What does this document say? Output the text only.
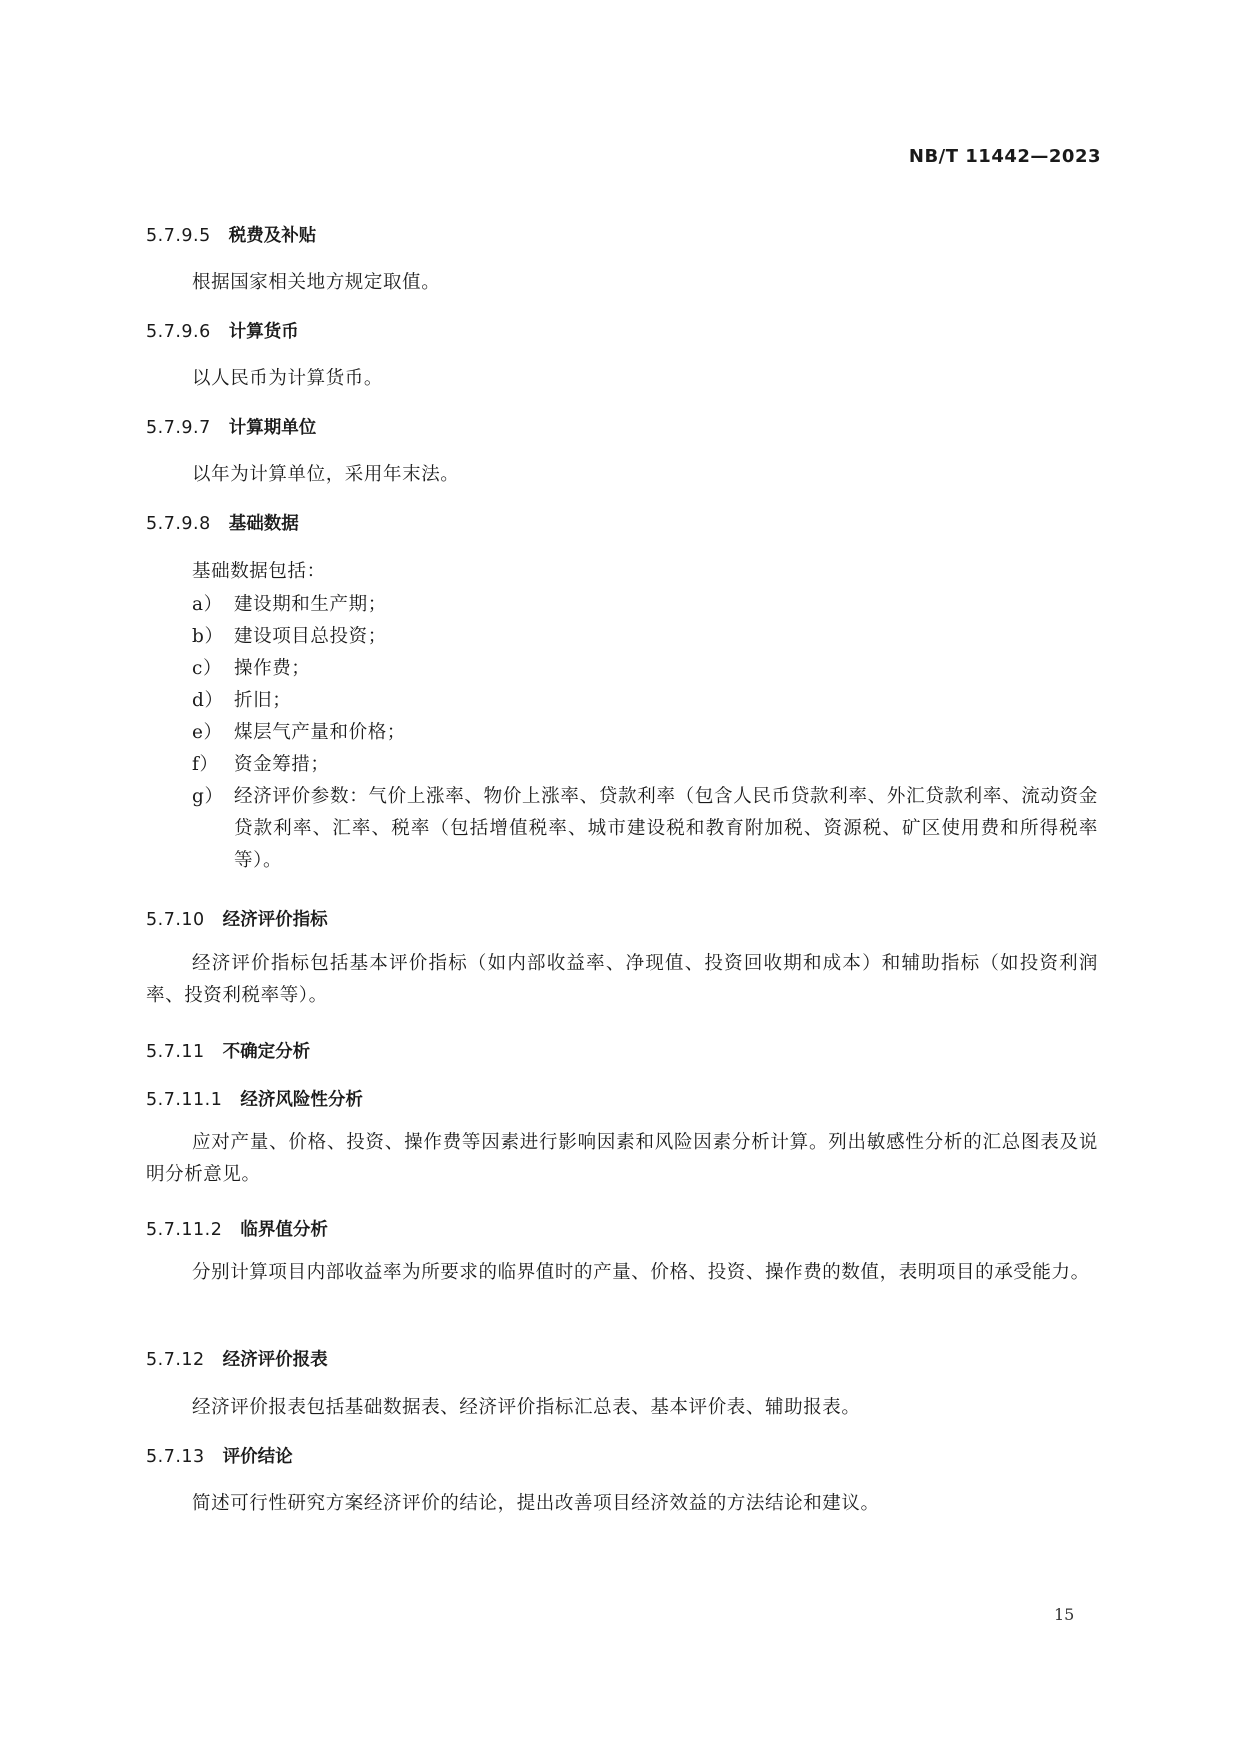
NB/T 11442—2023
5.7.9.5 税费及补贴
根据国家相关地方规定取值。
5.7.9.6 计算货币
以人民币为计算货币。
5.7.9.7 计算期单位
以年为计算单位，采用年末法。
5.7.9.8 基础数据
基础数据包括：
a） 建设期和生产期；
b） 建设项目总投资；
c） 操作费；
d） 折旧；
e） 煤层气产量和价格；
f） 资金筹措；
g） 经济评价参数：气价上涨率、物价上涨率、贷款利率（包含人民币贷款利率、外汇贷款利率、流动资金贷款利率、汇率、税率（包括增值税率、城市建设税和教育附加税、资源税、矿区使用费和所得税率等）。
5.7.10 经济评价指标

经济评价指标包括基本评价指标（如内部收益率、净现值、投资回收期和成本）和辅助指标（如投资利润率、投资利税率等）。

5.7.11 不确定分析
5.7.11.1 经济风险性分析

应对产量、价格、投资、操作费等因素进行影响因素和风险因素分析计算。列出敏感性分析的汇总图表及说明分析意见。

5.7.11.2 临界值分析

分别计算项目内部收益率为所要求的临界值时的产量、价格、投资、操作费的数值，表明项目的承受能力。

5.7.12 经济评价报表
经济评价报表包括基础数据表、经济评价指标汇总表、基本评价表、辅助报表。
5.7.13 评价结论
简述可行性研究方案经济评价的结论，提出改善项目经济效益的方法结论和建议。
15
